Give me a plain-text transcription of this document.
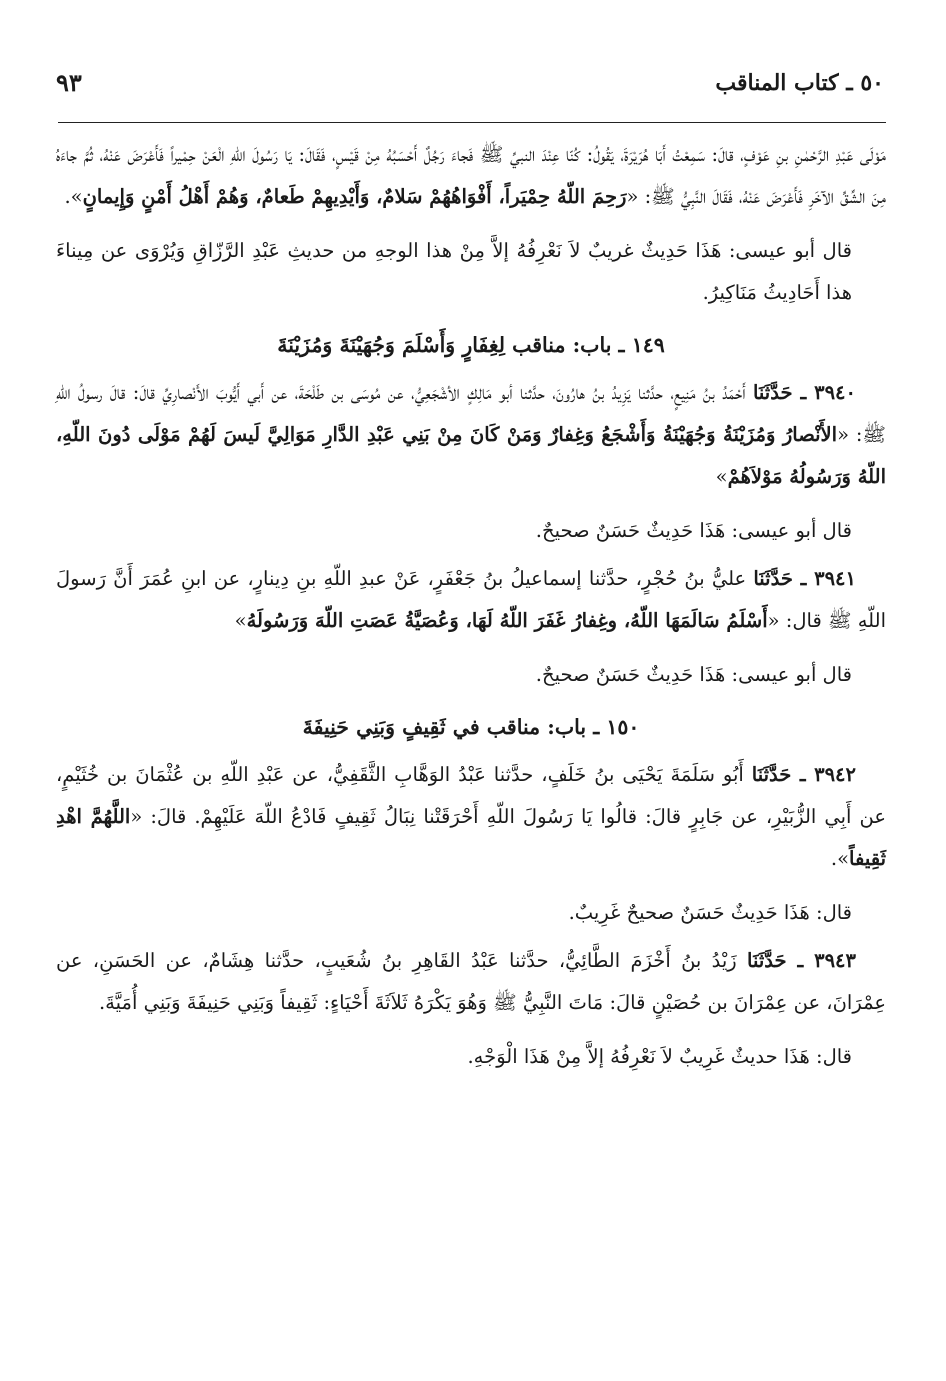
٥٠ ـ كتاب المناقب
٩٣

مَوْلَى عَبْدِ الرَّحْمٰنِ بنِ عَوْفٍ، قالَ: سَمِعْتُ أَبَا هُرَيْرَةَ، يَقُولُ: كُنّا عِنْدَ النبيِّ ﷺ فَجاءَ رَجُلٌ أَحْسَبُهُ مِنْ قَيْسٍ، فَقَالَ: يَا رَسُولَ اللّهِ الْعَنْ حِمْيراً فَأَعْرَضَ عَنْهُ، ثُمَّ جاءَهُ مِنَ الشِّقِّ الآخَرِ فَأَعْرَضَ عَنْهُ، فَقَالَ النَّبِيُّ ﷺ: «رَحِمَ اللّهُ حِمْيَراً، أَفْوَاهُهُمْ سَلامٌ، وَأَيْدِيهِمْ طَعامٌ، وَهُمْ أَهْلُ أَمْنٍ وَإِيمانٍ».

قال أبو عيسى: هَذَا حَدِيثٌ غريبٌ لاَ نَعْرِفُهُ إلاَّ مِنْ هذا الوجهِ من حديثِ عَبْدِ الرَّزّاقِ وَيُرْوَى عن مِيناءَ هذا أَحَادِيثُ مَنَاكِيرُ.

١٤٩ ـ باب: مناقب لِغِفَارٍ وَأَسْلَمَ وَجُهَيْنَةَ وَمُزَيْنَةَ

٣٩٤٠ ـ حَدَّثَنَا أَحْمَدُ بنُ مَنِيعٍ، حدَّثنا يَزِيدُ بنُ هارُونَ، حدَّثنا أبو مَالِكٍ الأشْجَعِيُّ، عن مُوسَى بن طَلْحَةَ، عن أَبي أَيُّوبَ الأَنْصارِيِّ قالَ: قالَ رسولُ اللّهِ ﷺ: «الأَنْصارُ وَمُزَيْنَةُ وَجُهَيْنَةُ وَأَشْجَعُ وَغِفارٌ وَمَنْ كَانَ مِنْ بَنِي عَبْدِ الدَّارِ مَوَالِيَّ لَيسَ لَهُمْ مَوْلَى دُونَ اللّهِ، اللّهُ وَرَسُولُهُ مَوْلاَهُمْ»

قال أبو عيسى: هَذَا حَدِيثٌ حَسَنٌ صحيحٌ.

٣٩٤١ ـ حَدَّثَنَا عليُّ بنُ حُجْرٍ، حدَّثنا إسماعيلُ بنُ جَعْفَرٍ، عَنْ عبدِ اللّهِ بنِ دِينارٍ، عن ابنِ عُمَرَ أَنَّ رَسولَ اللّهِ ﷺ قال: «أَسْلَمُ سَالَمَهَا اللّهُ، وغِفارُ غَفَرَ اللّهُ لَهَا، وَعُصَيَّةُ عَصَتِ اللّهَ وَرَسُولَهُ»

قال أبو عيسى: هَذَا حَدِيثٌ حَسَنٌ صحيحٌ.

١٥٠ ـ باب: مناقب في ثَقِيفٍ وَبَنِي حَنِيفَةَ

٣٩٤٢ ـ حَدَّثَنَا أَبُو سَلَمَةَ يَحْيَى بنُ خَلَفٍ، حدَّثنا عَبْدُ الوَهَّابِ الثَّقَفِيُّ، عن عَبْدِ اللّهِ بن عُثْمَانَ بن خُثَيْمٍ، عن أَبِي الزُّبَيْرِ، عن جَابِرٍ قالَ: قالُوا يَا رَسُولَ اللّهِ أَحْرَقَتْنا نِبَالُ ثَقِيفٍ فَادْعُ اللّهَ عَلَيْهِمْ. قالَ: «اللَّهُمَّ اهْدِ ثَقِيفاً».

قال: هَذَا حَدِيثٌ حَسَنٌ صحيحٌ غَرِيبٌ.

٣٩٤٣ ـ حَدَّثَنَا زَيْدُ بنُ أَخْزَمَ الطَّائِيُّ، حدَّثنا عَبْدُ القَاهِرِ بنُ شُعَيبٍ، حدَّثنا هِشَامٌ، عن الحَسَنِ، عن عِمْرَانَ، عن عِمْرَانَ بن حُصَيْنٍ قالَ: مَاتَ النَّبِيُّ ﷺ وَهُوَ يَكْرَهُ ثَلاَثَةَ أَحْيَاءٍ: ثَقِيفاً وَبَنِي حَنِيفَةَ وَبَنِي أُمَيَّةَ.

قال: هَذَا حديثٌ غَرِيبٌ لاَ نَعْرِفُهُ إلاَّ مِنْ هَذَا الْوَجْهِ.
